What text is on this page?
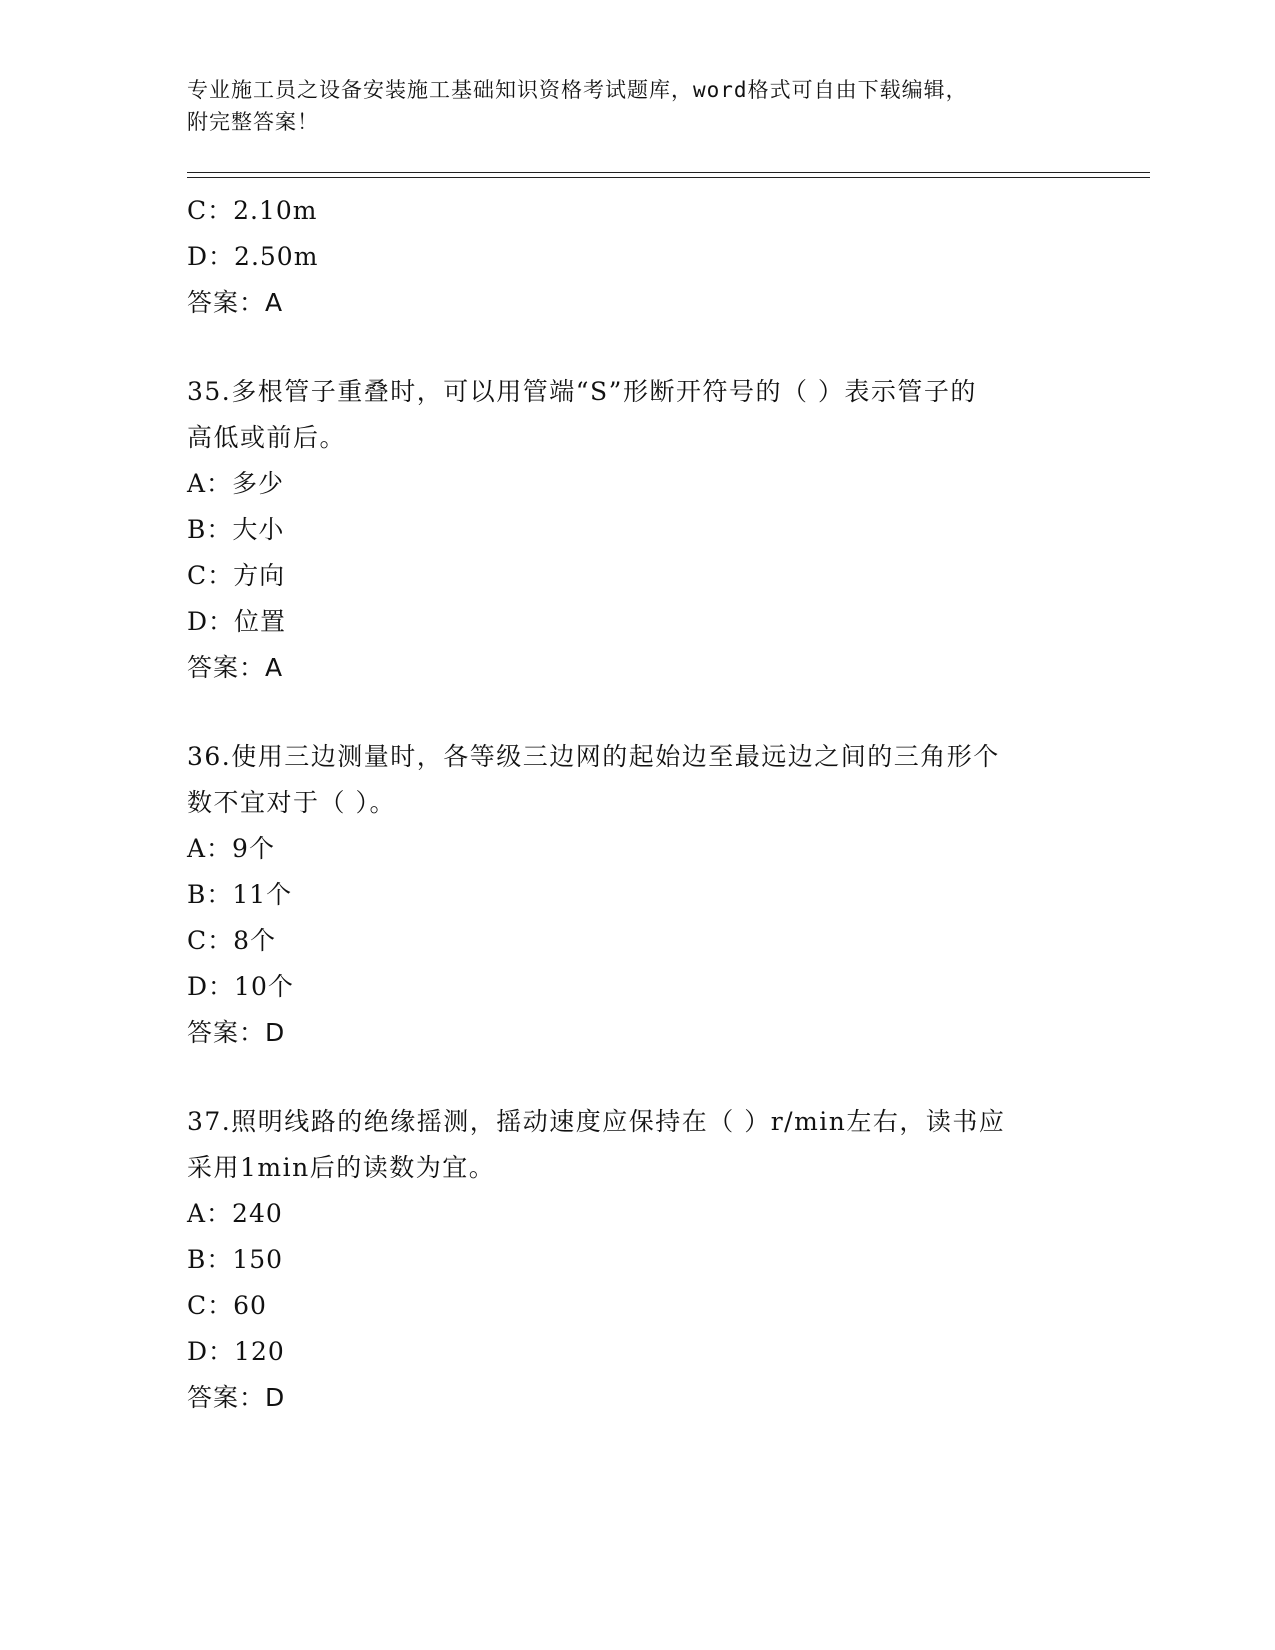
专业施工员之设备安装施工基础知识资格考试题库，word格式可自由下载编辑，
附完整答案！
C：2.10m
D：2.50m
答案：A
35.多根管子重叠时，可以用管端“S”形断开符号的（ ）表示管子的
高低或前后。
A：多少
B：大小
C：方向
D：位置
答案：A
36.使用三边测量时，各等级三边网的起始边至最远边之间的三角形个
数不宜对于（ ）。
A：9个
B：11个
C：8个
D：10个
答案：D
37.照明线路的绝缘摇测，摇动速度应保持在（ ）r/min左右，读书应
采用1min后的读数为宜。
A：240
B：150
C：60
D：120
答案：D
